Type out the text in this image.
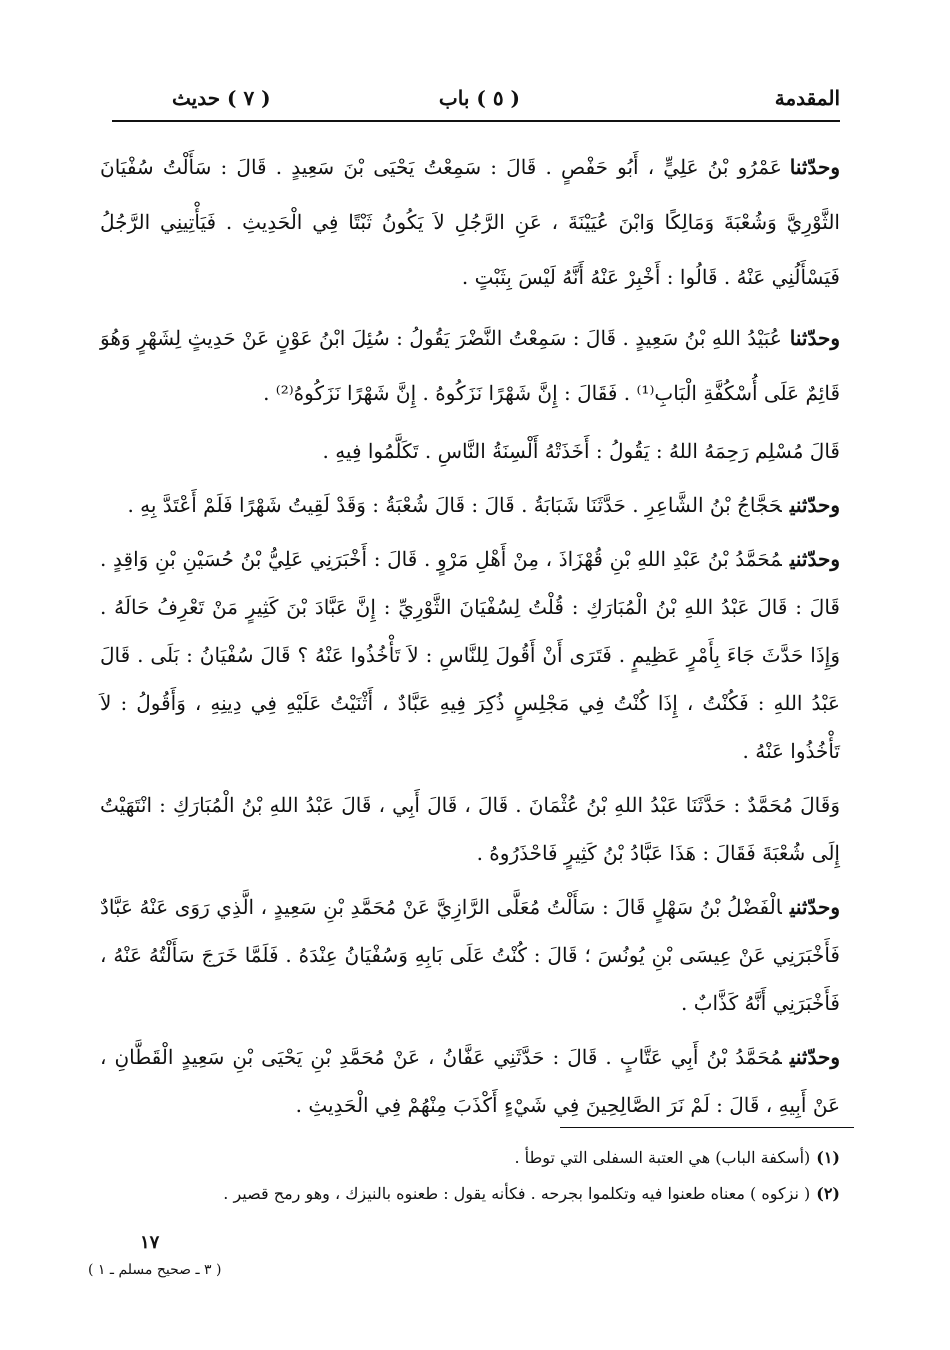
المقدمة
( ٥ ) باب
( ٧ ) حديث

وحدّثناعَمْرُو بْنُ عَلِيٍّ ، أَبُو حَفْصٍ . قَالَ : سَمِعْتُ يَحْيَى بْنَ سَعِيدٍ . قَالَ : سَأَلْتُ سُفْيَانَ الثَّوْرِيَّ وَشُعْبَةَ وَمَالِكًا وَابْنَ عُيَيْنَةَ ، عَنِ الرَّجُلِ لاَ يَكُونُ ثَبْتًا فِي الْحَدِيثِ . فَيَأْتِينِي الرَّجُلُ فَيَسْأَلُنِي عَنْهُ . قَالُوا : أَخْبِرْ عَنْهُ أَنَّهُ لَيْسَ بِثَبْتٍ .

وحدّثناعُبَيْدُ اللهِ بْنُ سَعِيدٍ . قَالَ : سَمِعْتُ النَّضْرَ يَقُولُ : سُئِلَ ابْنُ عَوْنٍ عَنْ حَدِيثٍ لِشَهْرٍ وَهُوَ قَائِمٌ عَلَى أُسْكُفَّةِ الْبَابِ⁽¹⁾ . فَقَالَ : إِنَّ شَهْرًا نَزَكُوهُ . إِنَّ شَهْرًا نَزَكُوهُ⁽²⁾ .

قَالَ مُسْلِم رَحِمَهُ اللهُ : يَقُولُ : أَخَذَتْهُ أَلْسِنَةُ النَّاسِ . تَكَلَّمُوا فِيهِ .

وحدّثنيحَجَّاجُ بْنُ الشَّاعِرِ . حَدَّثَنَا شَبَابَةُ . قَالَ : قَالَ شُعْبَةُ : وَقَدْ لَقِيتُ شَهْرًا فَلَمْ أَعْتَدَّ بِهِ .

وحدّثنيمُحَمَّدُ بْنُ عَبْدِ اللهِ بْنِ قُهْزَاذَ ، مِنْ أَهْلِ مَرْوٍ . قَالَ : أَخْبَرَنِي عَلِيُّ بْنُ حُسَيْنِ بْنِ وَاقِدٍ . قَالَ : قَالَ عَبْدُ اللهِ بْنُ الْمُبَارَكِ : قُلْتُ لِسُفْيَانَ الثَّوْرِيِّ : إِنَّ عَبَّادَ بْنَ كَثِيرٍ مَنْ تَعْرِفُ حَالَهُ . وَإِذَا حَدَّثَ جَاءَ بِأَمْرٍ عَظِيمٍ . فَتَرَى أَنْ أَقُولَ لِلنَّاسِ : لاَ تَأْخُذُوا عَنْهُ ؟ قَالَ سُفْيَانُ : بَلَى . قَالَ عَبْدُ اللهِ : فَكُنْتُ ، إِذَا كُنْتُ فِي مَجْلِسٍ ذُكِرَ فِيهِ عَبَّادٌ ، أَثْنَيْتُ عَلَيْهِ فِي دِينِهِ ، وَأَقُولُ : لاَ تَأْخُذُوا عَنْهُ .

وَقَالَ مُحَمَّدٌ : حَدَّثَنَا عَبْدُ اللهِ بْنُ عُثْمَانَ . قَالَ ، قَالَ أَبِي ، قَالَ عَبْدُ اللهِ بْنُ الْمُبَارَكِ : انْتَهَيْتُ إِلَى شُعْبَةَ فَقَالَ : هَذَا عَبَّادُ بْنُ كَثِيرٍ فَاحْذَرُوهُ .

وحدّثنيالْفَضْلُ بْنُ سَهْلٍ قَالَ : سَأَلْتُ مُعَلَّى الرَّازِيَّ عَنْ مُحَمَّدِ بْنِ سَعِيدٍ ، الَّذِي رَوَى عَنْهُ عَبَّادٌ فَأَخْبَرَنِي عَنْ عِيسَى بْنِ يُونُسَ ؛ قَالَ : كُنْتُ عَلَى بَابِهِ وَسُفْيَانُ عِنْدَهُ . فَلَمَّا خَرَجَ سَأَلْتُهُ عَنْهُ ، فَأَخْبَرَنِي أَنَّهُ كَذَّابٌ .

وحدّثنيمُحَمَّدُ بْنُ أَبِي عَتَّابٍ . قَالَ : حَدَّثَنِي عَفَّانُ ، عَنْ مُحَمَّدِ بْنِ يَحْيَى بْنِ سَعِيدٍ الْقَطَّانِ ، عَنْ أَبِيهِ ، قَالَ : لَمْ نَرَ الصَّالِحِينَ فِي شَيْءٍ أَكْذَبَ مِنْهُمْ فِي الْحَدِيثِ .

(١)(أسكفة الباب) هي العتبة السفلى التي توطأ .
(٢)( نزكوه ) معناه طعنوا فيه وتكلموا بجرحه . فكأنه يقول : طعنوه بالنيزك ، وهو رمح قصير .
١٧
( ٣ ـ صحيح مسلم ـ ١ )
